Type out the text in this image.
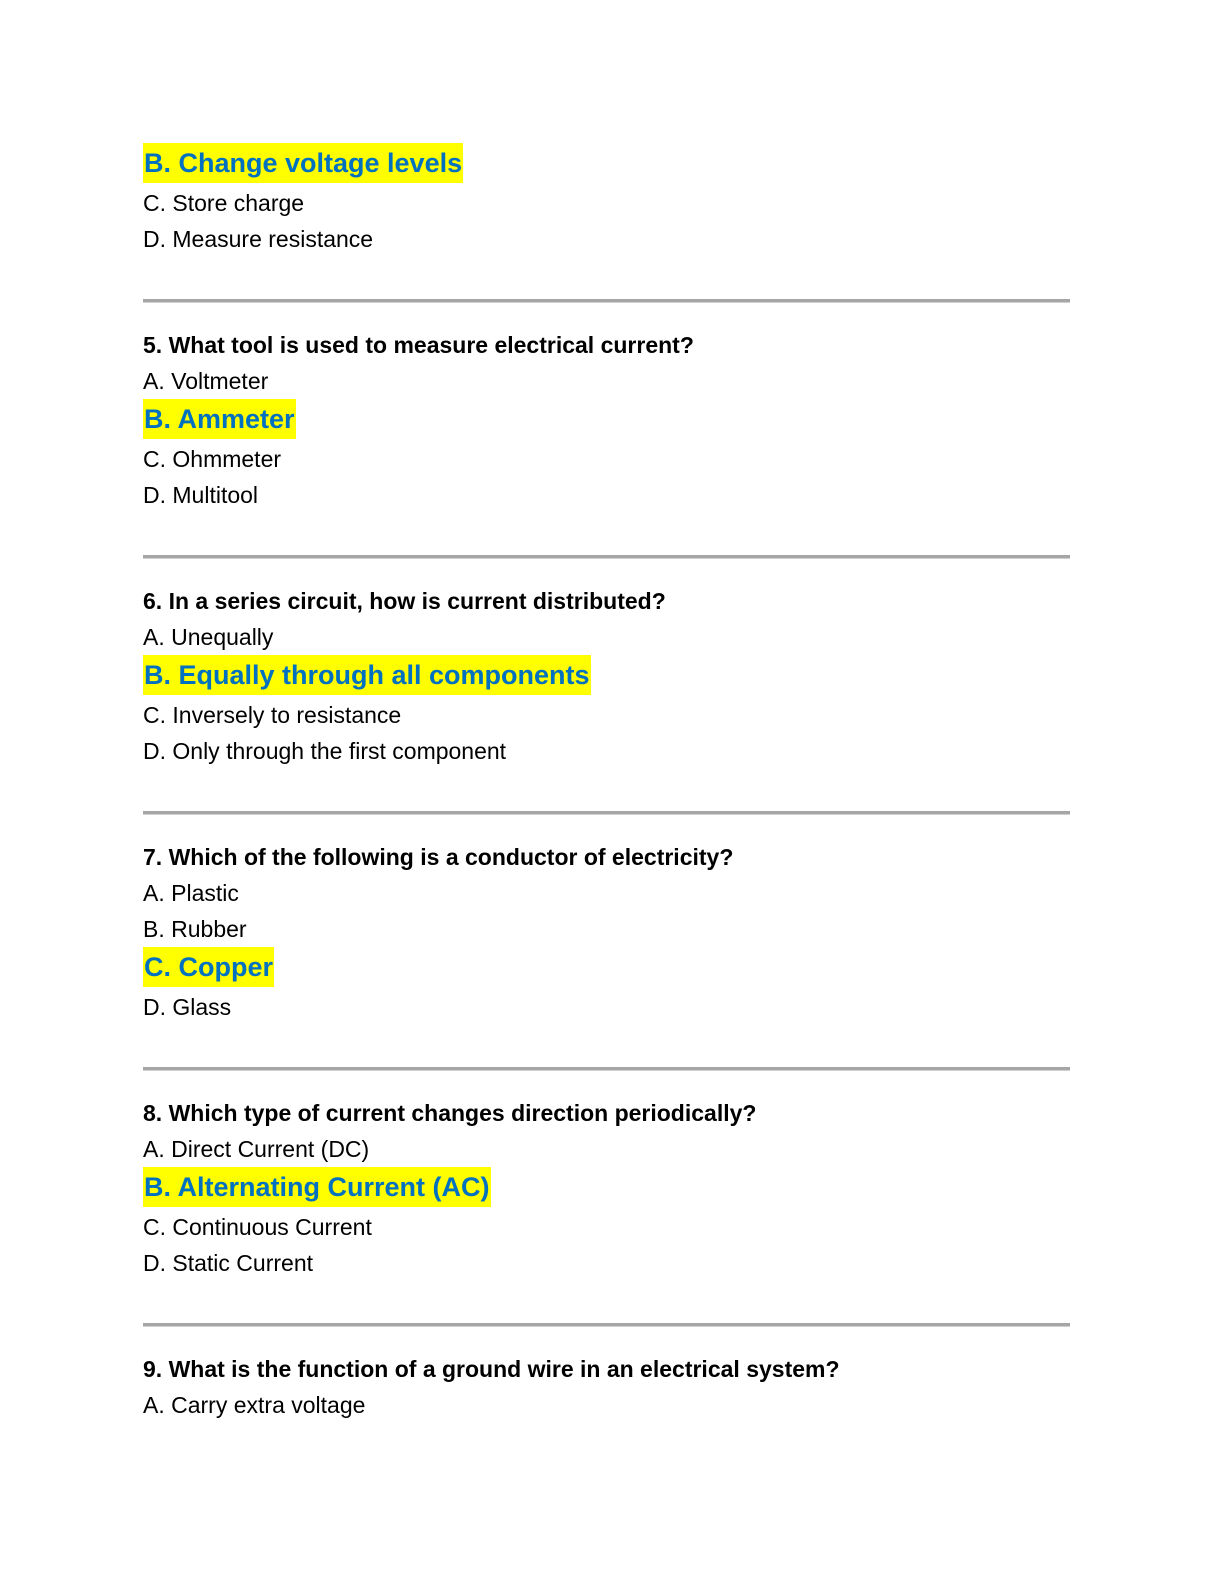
B. Change voltage levels
C. Store charge
D. Measure resistance
5. What tool is used to measure electrical current?
A. Voltmeter
B. Ammeter
C. Ohmmeter
D. Multitool
6. In a series circuit, how is current distributed?
A. Unequally
B. Equally through all components
C. Inversely to resistance
D. Only through the first component
7. Which of the following is a conductor of electricity?
A. Plastic
B. Rubber
C. Copper
D. Glass
8. Which type of current changes direction periodically?
A. Direct Current (DC)
B. Alternating Current (AC)
C. Continuous Current
D. Static Current
9. What is the function of a ground wire in an electrical system?
A. Carry extra voltage
